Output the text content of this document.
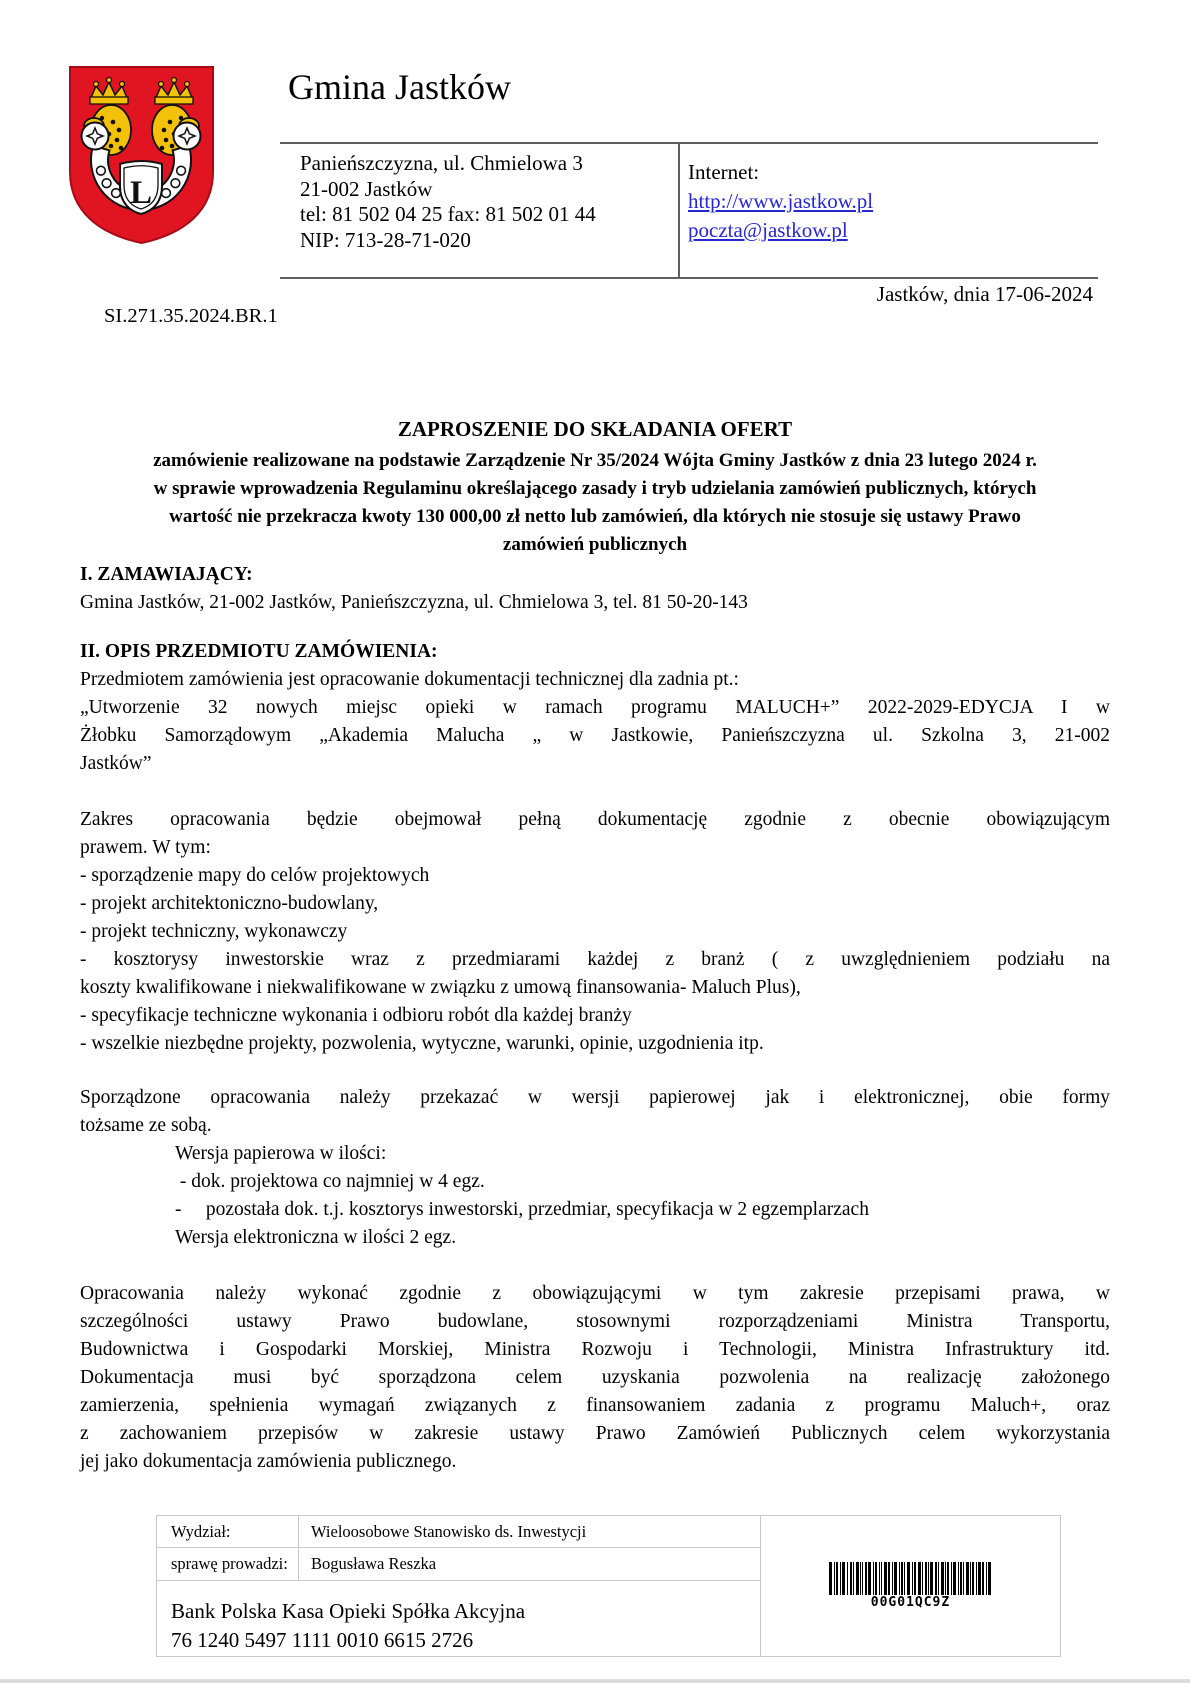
L
Gmina Jastków
Panieńszczyzna, ul. Chmielowa 3
21-002 Jastków
tel: 81 502 04 25 fax: 81 502 01 44
NIP: 713-28-71-020
Internet:
http://www.jastkow.pl
poczta@jastkow.pl
Jastków, dnia 17-06-2024
SI.271.35.2024.BR.1
ZAPROSZENIE DO SKŁADANIA OFERT
zamówienie realizowane na podstawie Zarządzenie Nr 35/2024 Wójta Gminy Jastków z dnia 23 lutego 2024 r.
w sprawie wprowadzenia Regulaminu określającego zasady i tryb udzielania zamówień publicznych, których
wartość nie przekracza kwoty 130 000,00 zł netto lub zamówień, dla których nie stosuje się ustawy Prawo
zamówień publicznych
I. ZAMAWIAJĄCY:
Gmina Jastków, 21-002 Jastków, Panieńszczyzna, ul. Chmielowa 3, tel. 81 50-20-143
II. OPIS PRZEDMIOTU ZAMÓWIENIA:
Przedmiotem zamówienia jest opracowanie dokumentacji technicznej dla zadnia pt.:
„Utworzenie 32 nowych miejsc opieki w ramach programu MALUCH+” 2022-2029-EDYCJA I w
Żłobku Samorządowym „Akademia Malucha „ w Jastkowie, Panieńszczyzna ul. Szkolna 3, 21-002
Jastków”
Zakres opracowania będzie obejmował pełną dokumentację zgodnie z obecnie obowiązującym
prawem. W tym:
- sporządzenie mapy do celów projektowych
- projekt architektoniczno-budowlany,
- projekt techniczny, wykonawczy
- kosztorysy inwestorskie wraz z przedmiarami każdej z branż ( z uwzględnieniem podziału na
koszty kwalifikowane i niekwalifikowane w związku z umową finansowania- Maluch Plus),
- specyfikacje techniczne wykonania i odbioru robót dla każdej branży
- wszelkie niezbędne projekty, pozwolenia, wytyczne, warunki, opinie, uzgodnienia itp.
Sporządzone opracowania należy przekazać w wersji papierowej jak i elektronicznej, obie formy
tożsame ze sobą.
Wersja papierowa w ilości:
- dok. projektowa co najmniej w 4 egz.
-     pozostała dok. t.j. kosztorys inwestorski, przedmiar, specyfikacja w 2 egzemplarzach
Wersja elektroniczna w ilości 2 egz.
Opracowania należy wykonać zgodnie z obowiązującymi w tym zakresie przepisami prawa, w
szczególności ustawy Prawo budowlane, stosownymi rozporządzeniami Ministra Transportu,
Budownictwa i Gospodarki Morskiej, Ministra Rozwoju i Technologii, Ministra Infrastruktury itd.
Dokumentacja musi być sporządzona celem uzyskania pozwolenia na realizację założonego
zamierzenia, spełnienia wymagań związanych z finansowaniem zadania z programu Maluch+, oraz
z zachowaniem przepisów w zakresie ustawy Prawo Zamówień Publicznych celem wykorzystania
jej jako dokumentacja zamówienia publicznego.
Wydział:	Wieloosobowe Stanowisko ds. Inwestycji
00G01QC9Z
sprawę prowadzi:	Bogusława Reszka
Bank Polska Kasa Opieki Spółka Akcyjna
76 1240 5497 1111 0010 6615 2726
